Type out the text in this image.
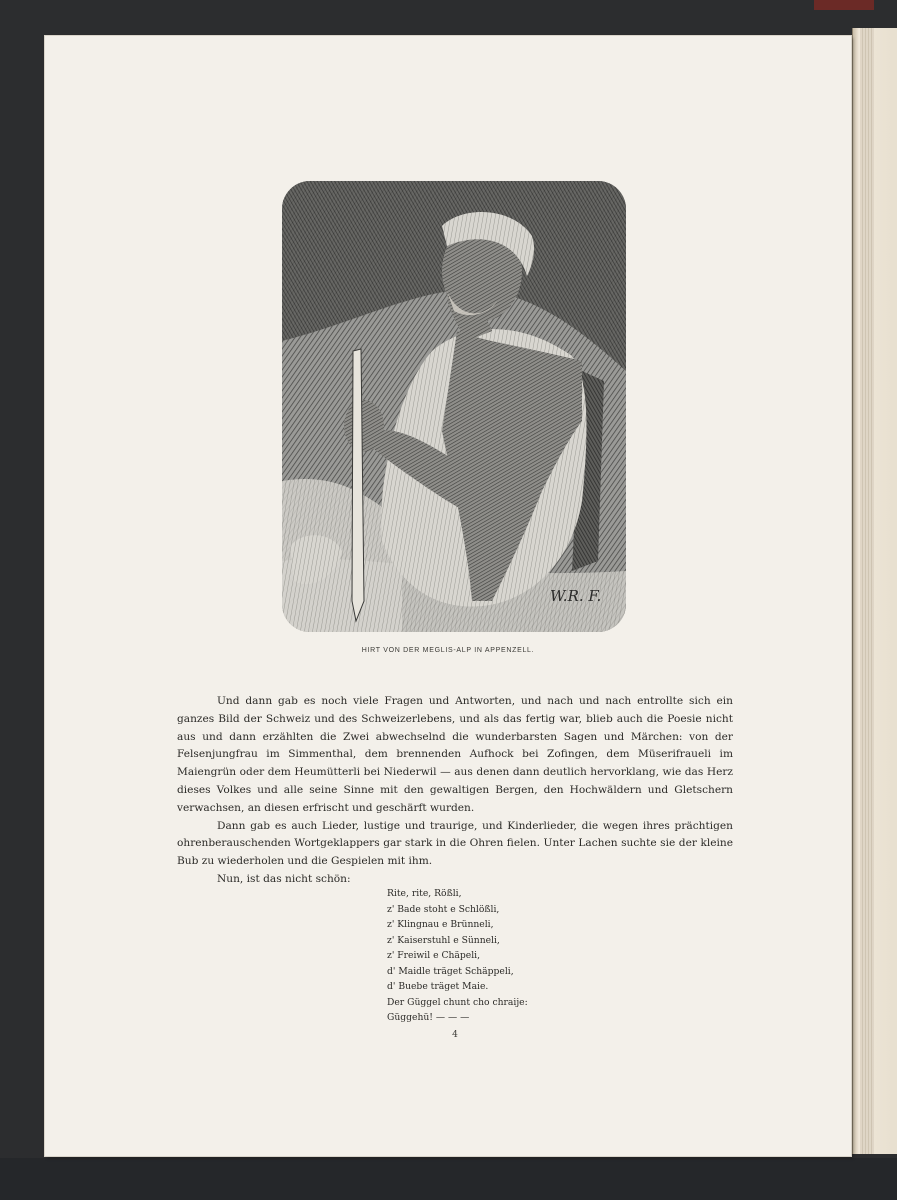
W.R. F.
HIRT VON DER MEGLIS-ALP IN APPENZELL.

Und dann gab es noch viele Fragen und Antworten, und nach und nach entrollte sich ein ganzes Bild der Schweiz und des Schweizerlebens, und als das fertig war, blieb auch die Poesie nicht aus und dann erzählten die Zwei abwechselnd die wunderbarsten Sagen und Märchen: von der Felsenjungfrau im Simmenthal, dem brennenden Aufhock bei Zofingen, dem Müserifraueli im Maiengrün oder dem Heumütterli bei Niederwil — aus denen dann deutlich hervorklang, wie das Herz dieses Volkes und alle seine Sinne mit den gewaltigen Bergen, den Hochwäldern und Gletschern verwachsen, an diesen erfrischt und geschärft wurden.

Dann gab es auch Lieder, lustige und traurige, und Kinderlieder, die wegen ihres prächtigen ohrenberauschenden Wortgeklappers gar stark in die Ohren fielen. Unter Lachen suchte sie der kleine Bub zu wiederholen und die Gespielen mit ihm.

Nun, ist das nicht schön:

Rite, rite, Rößli,
z' Bade stoht e Schlößli,
z' Klingnau e Brünneli,
z' Kaiserstuhl e Sünneli,
z' Freiwil e Chäpeli,
d' Maidle träget Schäppeli,
d' Buebe träget Maie.
Der Güggel chunt cho chraije:
Güggehü! — — —
4
